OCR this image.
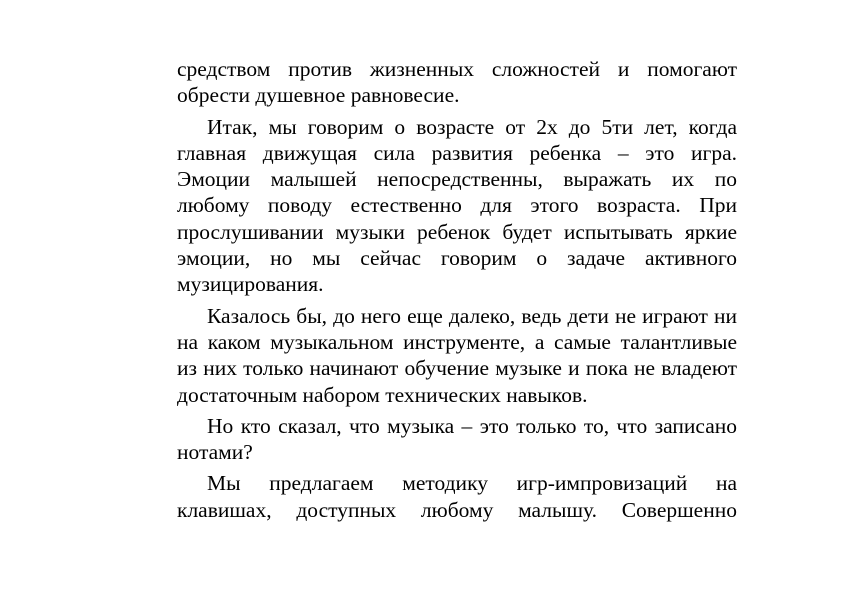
средством против жизненных сложностей и помогают
обрести душевное равновесие.
Итак, мы говорим о возрасте от 2х до 5ти лет, когда
главная движущая сила развития ребенка – это игра.
Эмоции малышей непосредственны, выражать их по
любому поводу естественно для этого возраста. При
прослушивании музыки ребенок будет испытывать яркие
эмоции, но мы сейчас говорим о задаче активного
музицирования.
Казалось бы, до него еще далеко, ведь дети не играют ни
на каком музыкальном инструменте, а самые талантливые
из них только начинают обучение музыке и пока не владеют
достаточным набором технических навыков.
Но кто сказал, что музыка – это только то, что записано
нотами?
Мы предлагаем методику игр-импровизаций на
клавишах, доступных любому малышу. Совершенно
